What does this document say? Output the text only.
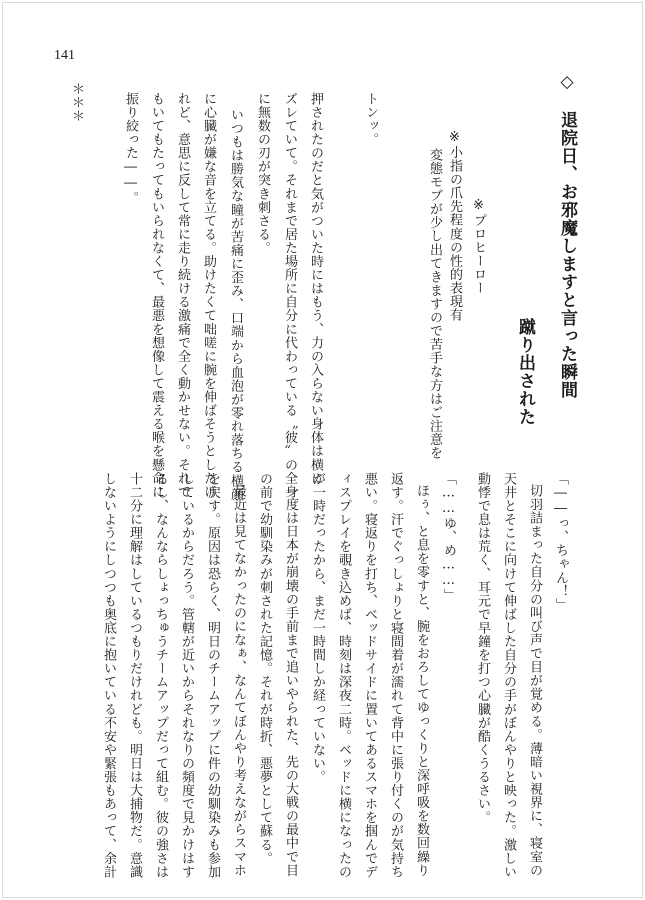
141
◇　退院日、お邪魔しますと言った瞬間
蹴り出された
※プロヒーロー
※小指の爪先程度の性的表現有
変態モブが少し出てきますので苦手な方はご注意を
トンッ。
押されたのだと気がついた時にはもう、力の入らない身体は横に
ズレていて。それまで居た場所に自分に代わっている〝彼〟の全身
に無数の刃が突き刺さる。
いつもは勝気な瞳が苦痛に歪み、口端から血泡が零れ落ちる横顔
に心臓が嫌な音を立てる。助けたくて咄嗟に腕を伸ばそうとしたけ
れど、意思に反して常に走り続ける激痛で全く動かせない。それで
もいてもたってもいられなくて、最悪を想像して震える喉を懸命に
振り絞った――。
＊＊＊
「――っ、ちゃん！」
切羽詰まった自分の叫び声で目が覚める。薄暗い視界に、寝室の
天井とそこに向けて伸ばした自分の手がぼんやりと映った。激しい
動悸で息は荒く、耳元で早鐘を打つ心臓が酷くうるさい。
「……ゆ、め……」
ほぅ、と息を零すと、腕をおろしてゆっくりと深呼吸を数回繰り
返す。汗でぐっしょりと寝間着が濡れて背中に張り付くのが気持ち
悪い。寝返りを打ち、ベッドサイドに置いてあるスマホを掴んでデ
ィスプレイを覗き込めば、時刻は深夜二時。ベッドに横になったの
が一時だったから、まだ一時間しか経っていない。
一度は日本が崩壊の手前まで追いやられた、先の大戦の最中で目
の前で幼馴染みが刺された記憶。それが時折、悪夢として蘇る。
最近は見てなかったのになぁ、なんてぼんやり考えながらスマホ
を戻す。原因は恐らく、明日のチームアップに件の幼馴染みも参加
しているからだろう。管轄が近いからそれなりの頻度で見かけはす
るし、なんならしょっちゅうチームアップだって組む。彼の強さは
十二分に理解はしているつもりだけれども。明日は大捕物だ。意識
しないようにしつつも奥底に抱いている不安や緊張もあって、余計
